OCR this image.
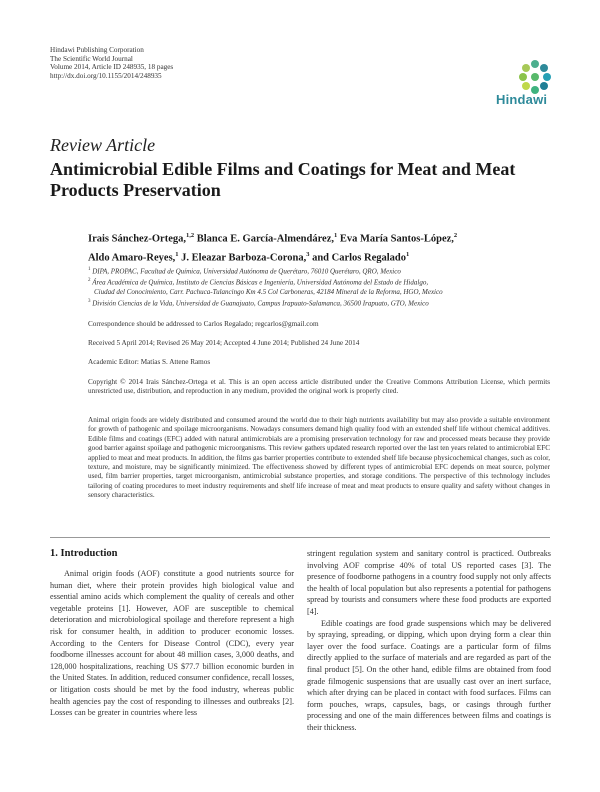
Hindawi Publishing Corporation
The Scientific World Journal
Volume 2014, Article ID 248935, 18 pages
http://dx.doi.org/10.1155/2014/248935
Hindawi
Review Article
Antimicrobial Edible Films and Coatings for Meat and Meat Products Preservation
Irais Sánchez-Ortega,$^{1,2}$ Blanca E. García-Almendárez,$^1$ Eva María Santos-López,$^2$
Aldo Amaro-Reyes,$^1$ J. Eleazar Barboza-Corona,$^3$ and Carlos Regalado$^1$
$^1$ DIPA, PROPAC, Facultad de Química, Universidad Autónoma de Querétaro, 76010 Querétaro, QRO, Mexico
$^2$ Área Académica de Química, Instituto de Ciencias Básicas e Ingeniería, Universidad Autónoma del Estado de Hidalgo,
Ciudad del Conocimiento, Carr. Pachuca-Tulancingo Km 4.5 Col Carboneras, 42184 Mineral de la Reforma, HGO, Mexico
$^3$ División Ciencias de la Vida, Universidad de Guanajuato, Campus Irapuato-Salamanca, 36500 Irapuato, GTO, Mexico
Correspondence should be addressed to Carlos Regalado; regcarlos@gmail.com
Received 5 April 2014; Revised 26 May 2014; Accepted 4 June 2014; Published 24 June 2014
Academic Editor: Matías S. Attene Ramos
Copyright © 2014 Irais Sánchez-Ortega et al. This is an open access article distributed under the Creative Commons Attribution License, which permits unrestricted use, distribution, and reproduction in any medium, provided the original work is properly cited.
Animal origin foods are widely distributed and consumed around the world due to their high nutrients availability but may also provide a suitable environment for growth of pathogenic and spoilage microorganisms. Nowadays consumers demand high quality food with an extended shelf life without chemical additives. Edible films and coatings (EFC) added with natural antimicrobials are a promising preservation technology for raw and processed meats because they provide good barrier against spoilage and pathogenic microorganisms. This review gathers updated research reported over the last ten years related to antimicrobial EFC applied to meat and meat products. In addition, the films gas barrier properties contribute to extended shelf life because physicochemical changes, such as color, texture, and moisture, may be significantly minimized. The effectiveness showed by different types of antimicrobial EFC depends on meat source, polymer used, film barrier properties, target microorganism, antimicrobial substance properties, and storage conditions. The perspective of this technology includes tailoring of coating procedures to meet industry requirements and shelf life increase of meat and meat products to ensure quality and safety without changes in sensory characteristics.
1. Introduction
Animal origin foods (AOF) constitute a good nutrients source for human diet, where their protein provides high biological value and essential amino acids which complement the quality of cereals and other vegetable proteins [1]. However, AOF are susceptible to chemical deterioration and microbiological spoilage and therefore represent a high risk for consumer health, in addition to producer economic losses. According to the Centers for Disease Control (CDC), every year foodborne illnesses account for about 48 million cases, 3,000 deaths, and 128,000 hospitalizations, reaching US $77.7 billion economic burden in the United States. In addition, reduced consumer confidence, recall losses, or litigation costs should be met by the food industry, whereas public health agencies pay the cost of responding to illnesses and outbreaks [2]. Losses can be greater in countries where less
stringent regulation system and sanitary control is practiced. Outbreaks involving AOF comprise 40% of total US reported cases [3]. The presence of foodborne pathogens in a country food supply not only affects the health of local population but also represents a potential for pathogens spread by tourists and consumers where these food products are exported [4].
Edible coatings are food grade suspensions which may be delivered by spraying, spreading, or dipping, which upon drying form a clear thin layer over the food surface. Coatings are a particular form of films directly applied to the surface of materials and are regarded as part of the final product [5]. On the other hand, edible films are obtained from food grade filmogenic suspensions that are usually cast over an inert surface, which after drying can be placed in contact with food surfaces. Films can form pouches, wraps, capsules, bags, or casings through further processing and one of the main differences between films and coatings is their thickness.
